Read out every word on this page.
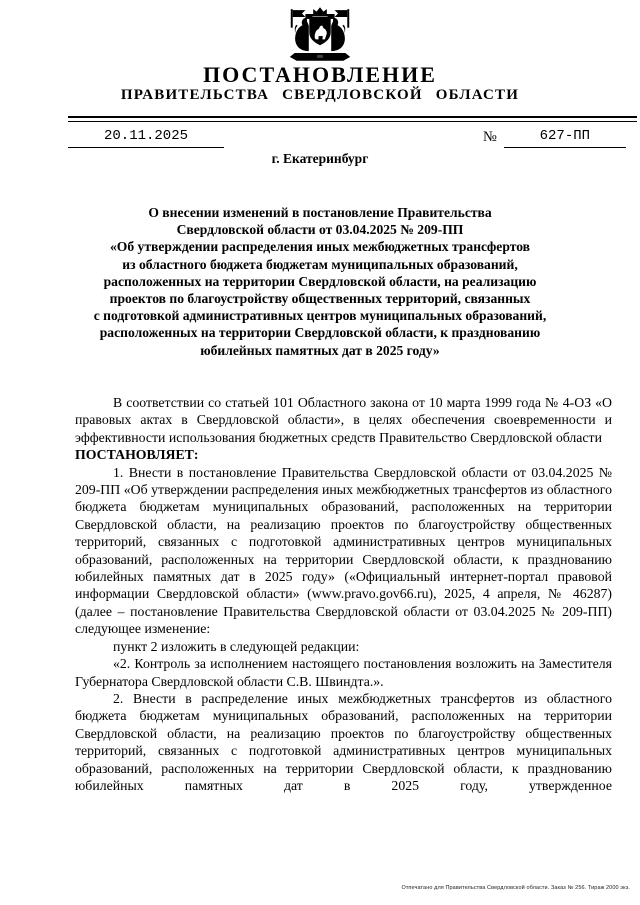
ПОСТАНОВЛЕНИЕ
ПРАВИТЕЛЬСТВА СВЕРДЛОВСКОЙ ОБЛАСТИ
20.11.2025	№	627-ПП
г. Екатеринбург
О внесении изменений в постановление Правительства
Свердловской области от 03.04.2025 № 209-ПП
«Об утверждении распределения иных межбюджетных трансфертов
из областного бюджета бюджетам муниципальных образований,
расположенных на территории Свердловской области, на реализацию
проектов по благоустройству общественных территорий, связанных
с подготовкой административных центров муниципальных образований,
расположенных на территории Свердловской области, к празднованию
юбилейных памятных дат в 2025 году»

В соответствии со статьей 101 Областного закона от 10 марта 1999 года № 4-ОЗ «О правовых актах в Свердловской области», в целях обеспечения своевременности и эффективности использования бюджетных средств Правительство Свердловской области

ПОСТАНОВЛЯЕТ:

1. Внести в постановление Правительства Свердловской области от 03.04.2025 № 209-ПП «Об утверждении распределения иных межбюджетных трансфертов из областного бюджета бюджетам муниципальных образований, расположенных на территории Свердловской области, на реализацию проектов по благоустройству общественных территорий, связанных с подготовкой административных центров муниципальных образований, расположенных на территории Свердловской области, к празднованию юбилейных памятных дат в 2025 году» («Официальный интернет-портал правовой информации Свердловской области» (www.pravo.gov66.ru), 2025, 4 апреля, № 46287) (далее – постановление Правительства Свердловской области от 03.04.2025 № 209-ПП) следующее изменение:

пункт 2 изложить в следующей редакции:

«2. Контроль за исполнением настоящего постановления возложить на Заместителя Губернатора Свердловской области С.В. Швиндта.».

2. Внести в распределение иных межбюджетных трансфертов из областного бюджета бюджетам муниципальных образований, расположенных на территории Свердловской области, на реализацию проектов по благоустройству общественных территорий, связанных с подготовкой административных центров муниципальных образований, расположенных на территории Свердловской области, к празднованию юбилейных памятных дат в 2025 году, утвержденное

Отпечатано для Правительства Свердловской области. Заказ № 256. Тираж 2000 экз.
